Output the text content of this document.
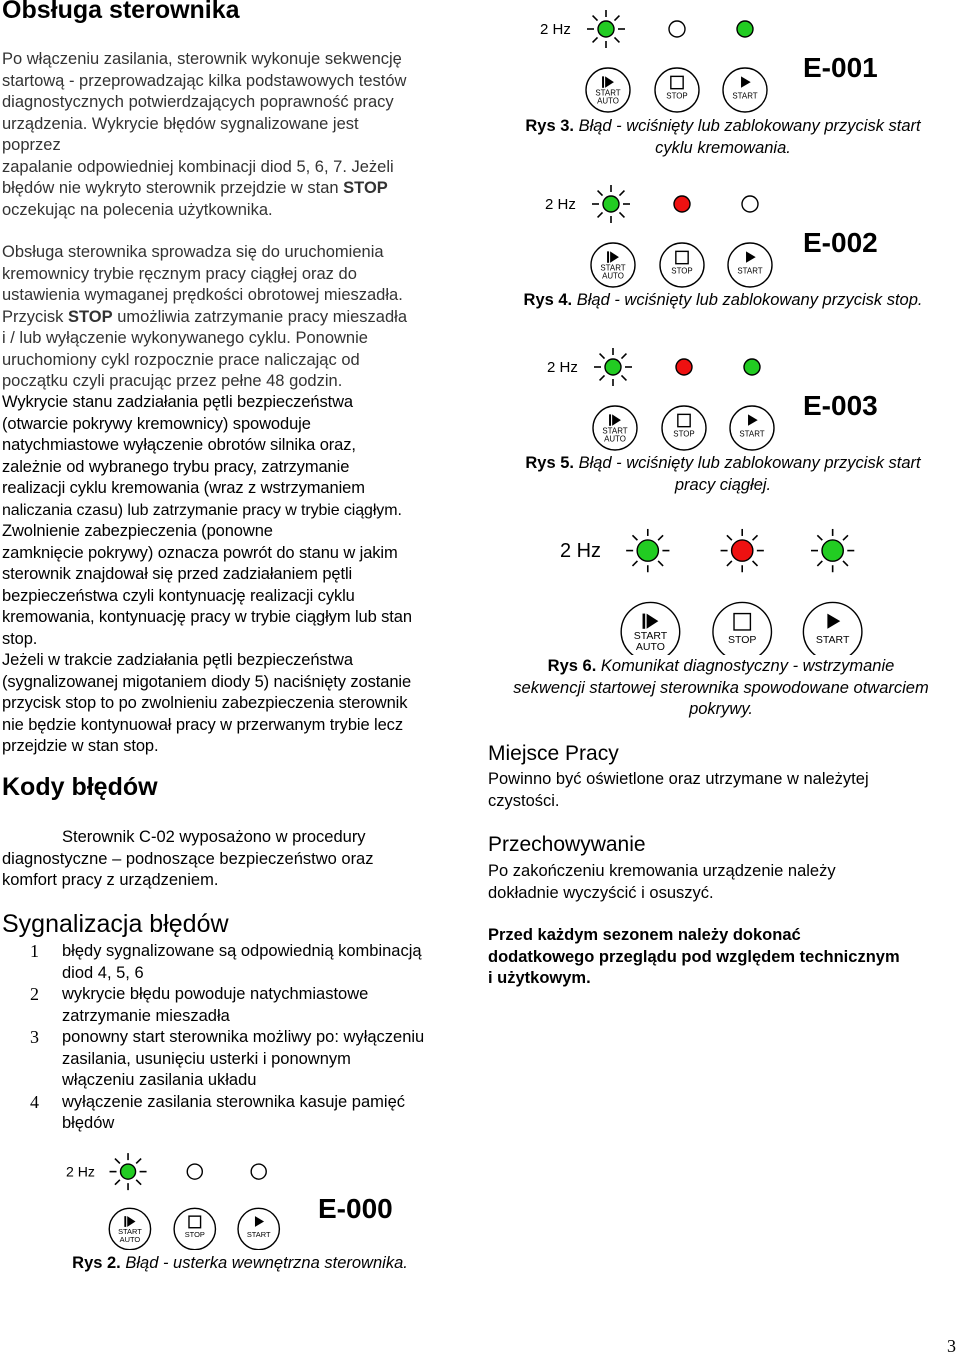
Obsługa sterownika

Po włączeniu zasilania, sterownik wykonuje sekwencję

startową - przeprowadzając kilka podstawowych testów

diagnostycznych potwierdzających poprawność pracy

urządzenia. Wykrycie błędów sygnalizowane jest

poprzez

zapalanie odpowiedniej kombinacji diod 5, 6, 7. Jeżeli

błędów nie wykryto sterownik przejdzie w stan STOP

oczekując na polecenia użytkownika.

Obsługa sterownika sprowadza się do uruchomienia

kremownicy trybie ręcznym pracy ciągłej oraz do

ustawienia wymaganej prędkości obrotowej mieszadła.

Przycisk STOP umożliwia zatrzymanie pracy mieszadła

i / lub wyłączenie wykonywanego cyklu. Ponownie

uruchomiony cykl rozpocznie prace naliczając od

początku czyli pracując przez pełne 48 godzin.

Wykrycie stanu zadziałania pętli bezpieczeństwa

(otwarcie pokrywy kremownicy) spowoduje

natychmiastowe wyłączenie obrotów silnika oraz,

zależnie od wybranego trybu pracy, zatrzymanie

realizacji cyklu kremowania (wraz z wstrzymaniem

naliczania czasu) lub zatrzymanie pracy w trybie ciągłym.

Zwolnienie zabezpieczenia (ponowne

zamknięcie pokrywy) oznacza powrót do stanu w jakim

sterownik znajdował się przed zadziałaniem pętli

bezpieczeństwa czyli kontynuację realizacji cyklu

kremowania, kontynuację pracy w trybie ciągłym lub stan

stop.

Jeżeli w trakcie zadziałania pętli bezpieczeństwa

(sygnalizowanej migotaniem diody 5) naciśnięty zostanie

przycisk stop to po zwolnieniu zabezpieczenia sterownik

nie będzie kontynuował pracy w przerwanym trybie lecz

przejdzie w stan stop.

Kody błędów

Sterownik C-02 wyposażono w procedury

diagnostyczne – podnoszące bezpieczeństwo oraz

komfort pracy z urządzeniem.

Sygnalizacja błędów
1 błędy sygnalizowane są odpowiednią kombinacją
diod 4, 5, 6
2 wykrycie błędu powoduje natychmiastowe
zatrzymanie mieszadła
3 ponowny start sterownika możliwy po: wyłączeniu
zasilania, usunięciu usterki i ponownym
włączeniu zasilania układu
4 wyłączenie zasilania sterownika kasuje pamięć
błędów
2 Hz
START
AUTO
STOP	START
E-000
Rys 2. Błąd - usterka wewnętrzna sterownika.
2 Hz
START
AUTO
STOP	START
E-001
Rys 3. Błąd - wciśnięty lub zablokowany przycisk start
cyklu kremowania.
2 Hz
START
AUTO
STOP	START
E-002
Rys 4. Błąd - wciśnięty lub zablokowany przycisk stop.
2 Hz
START
AUTO
STOP	START
E-003
Rys 5. Błąd - wciśnięty lub zablokowany przycisk start
pracy ciągłej.
2 Hz
START
AUTO
STOP	START
Rys 6. Komunikat diagnostyczny - wstrzymanie
sekwencji startowej sterownika spowodowane otwarciem
pokrywy.
Miejsce Pracy
Powinno być oświetlone oraz utrzymane w należytej
czystości.
Przechowywanie
Po zakończeniu kremowania urządzenie należy
dokładnie wyczyścić i osuszyć.
Przed każdym sezonem należy dokonać
dodatkowego przeglądu pod względem technicznym
i użytkowym.
3
